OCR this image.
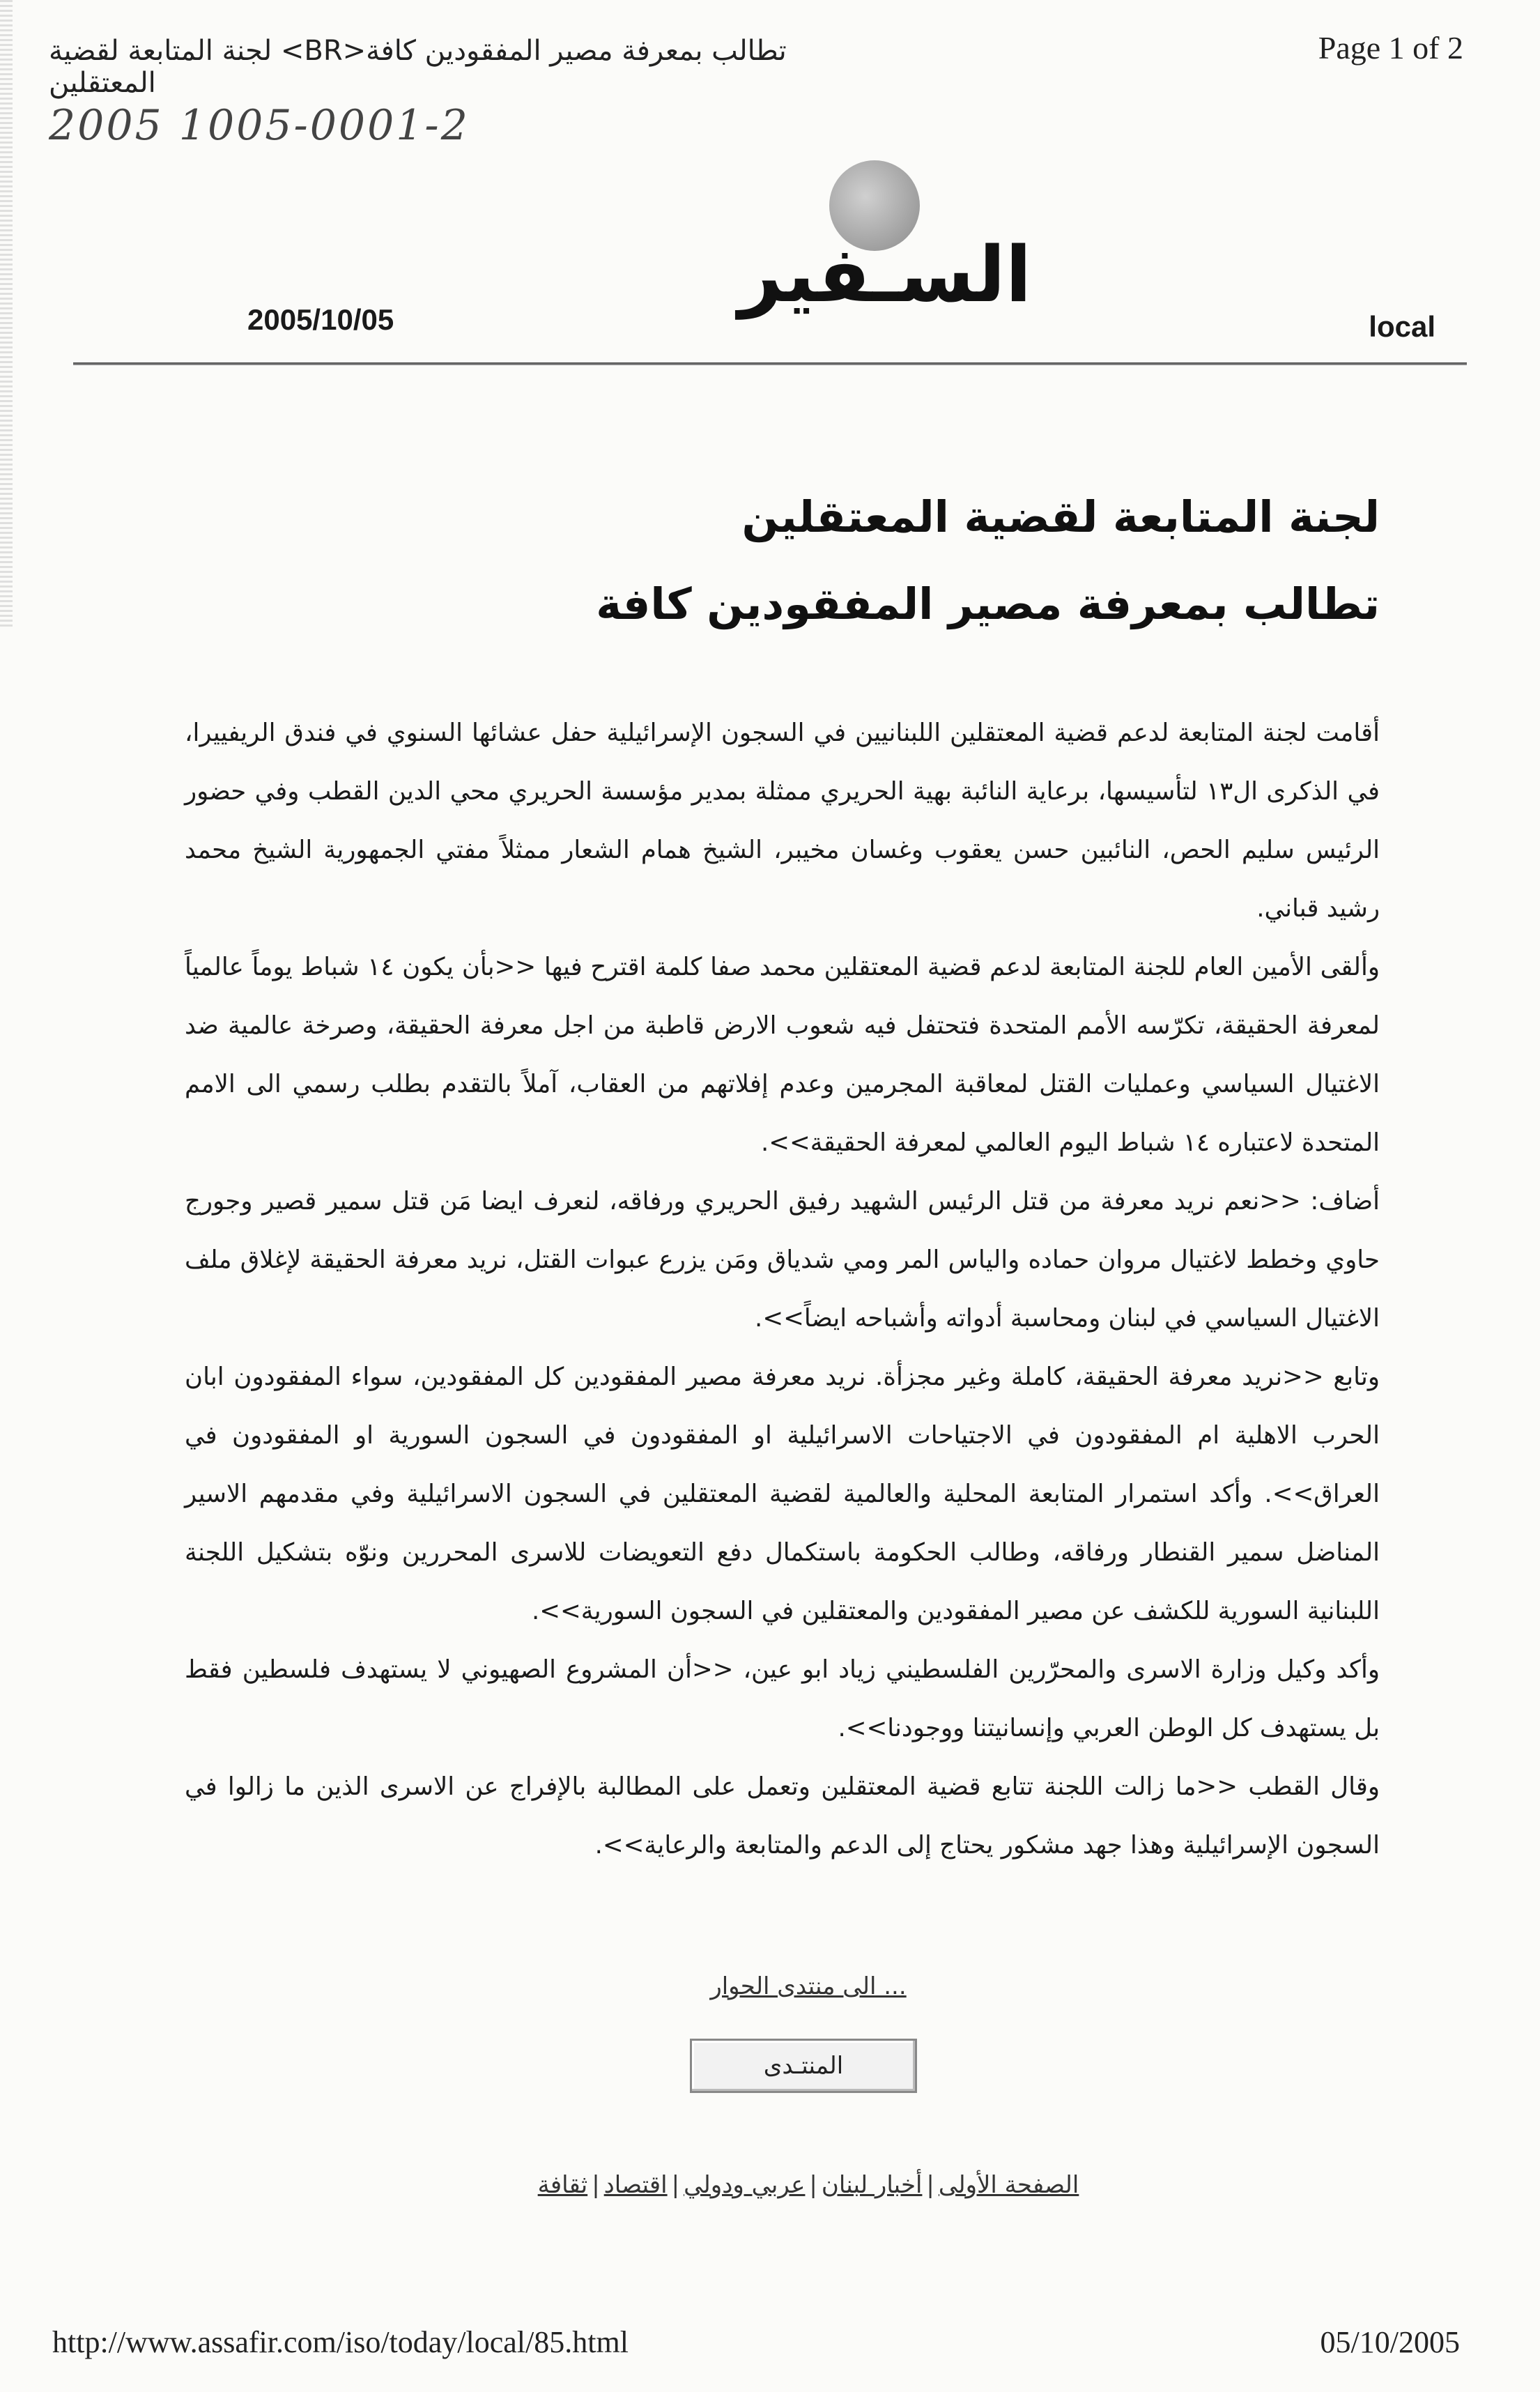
تطالب بمعرفة مصير المفقودين كافة<BR> لجنة المتابعة لقضية المعتقلين
Page 1 of 2
2005 1005-0001-2
السـفير
2005/10/05	local
لجنة المتابعة لقضية المعتقلين
تطالب بمعرفة مصير المفقودين كافة

أقامت لجنة المتابعة لدعم قضية المعتقلين اللبنانيين في السجون الإسرائيلية حفل عشائها السنوي في فندق الريفييرا، في الذكرى ال١٣ لتأسيسها، برعاية النائبة بهية الحريري ممثلة بمدير مؤسسة الحريري محي الدين القطب وفي حضور الرئيس سليم الحص، النائبين حسن يعقوب وغسان مخيبر، الشيخ همام الشعار ممثلاً مفتي الجمهورية الشيخ محمد رشيد قباني.

وألقى الأمين العام للجنة المتابعة لدعم قضية المعتقلين محمد صفا كلمة اقترح فيها <<بأن يكون ١٤ شباط يوماً عالمياً لمعرفة الحقيقة، تكرّسه الأمم المتحدة فتحتفل فيه شعوب الارض قاطبة من اجل معرفة الحقيقة، وصرخة عالمية ضد الاغتيال السياسي وعمليات القتل لمعاقبة المجرمين وعدم إفلاتهم من العقاب، آملاً بالتقدم بطلب رسمي الى الامم المتحدة لاعتباره ١٤ شباط اليوم العالمي لمعرفة الحقيقة>>.

أضاف: <<نعم نريد معرفة من قتل الرئيس الشهيد رفيق الحريري ورفاقه، لنعرف ايضا مَن قتل سمير قصير وجورج حاوي وخطط لاغتيال مروان حماده والياس المر ومي شدياق ومَن يزرع عبوات القتل، نريد معرفة الحقيقة لإغلاق ملف الاغتيال السياسي في لبنان ومحاسبة أدواته وأشباحه ايضاً>>.

وتابع <<نريد معرفة الحقيقة، كاملة وغير مجزأة. نريد معرفة مصير المفقودين كل المفقودين، سواء المفقودون ابان الحرب الاهلية ام المفقودون في الاجتياحات الاسرائيلية او المفقودون في السجون السورية او المفقودون في العراق>>. وأكد استمرار المتابعة المحلية والعالمية لقضية المعتقلين في السجون الاسرائيلية وفي مقدمهم الاسير المناضل سمير القنطار ورفاقه، وطالب الحكومة باستكمال دفع التعويضات للاسرى المحررين ونوّه بتشكيل اللجنة اللبنانية السورية للكشف عن مصير المفقودين والمعتقلين في السجون السورية>>.

وأكد وكيل وزارة الاسرى والمحرّرين الفلسطيني زياد ابو عين، <<أن المشروع الصهيوني لا يستهدف فلسطين فقط بل يستهدف كل الوطن العربي وإنسانيتنا ووجودنا>>.

وقال القطب <<ما زالت اللجنة تتابع قضية المعتقلين وتعمل على المطالبة بالإفراج عن الاسرى الذين ما زالوا في السجون الإسرائيلية وهذا جهد مشكور يحتاج إلى الدعم والمتابعة والرعاية>>.

... الى منتدى الحوار
المنتـدى
الصفحة الأولى|أخبار لبنان|عربي ودولي|اقتصاد|ثقافة
http://www.assafir.com/iso/today/local/85.html	05/10/2005
